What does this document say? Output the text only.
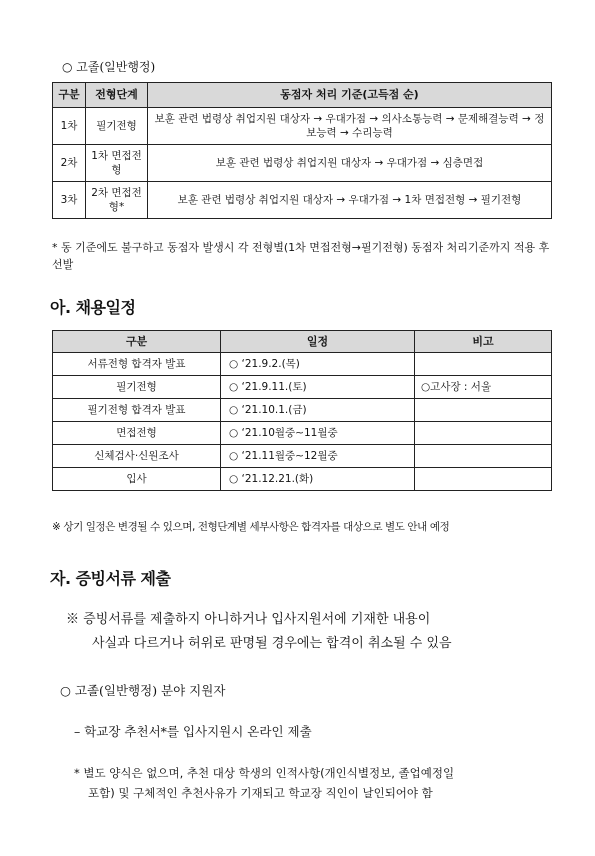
○ 고졸(일반행정)
구분	전형단계	동점자 처리 기준(고득점 순)
1차	필기전형	보훈 관련 법령상 취업지원 대상자 → 우대가점 → 의사소통능력 → 문제해결능력 → 정보능력 → 수리능력
2차	1차 면접전형	보훈 관련 법령상 취업지원 대상자 → 우대가점 → 심층면접
3차	2차 면접전형*	보훈 관련 법령상 취업지원 대상자 → 우대가점 → 1차 면접전형 → 필기전형
* 동 기준에도 불구하고 동점자 발생시 각 전형별(1차 면접전형→필기전형) 동점자 처리기준까지 적용 후 선발
아. 채용일정
구분	일정	비고
서류전형 합격자 발표	○ ‘21.9.2.(목)	
필기전형	○ ‘21.9.11.(토)	○고사장 : 서울
필기전형 합격자 발표	○ ‘21.10.1.(금)	
면접전형	○ ‘21.10월중∼11월중	
신체검사·신원조사	○ ‘21.11월중∼12월중	
입사	○ ‘21.12.21.(화)	
※ 상기 일정은 변경될 수 있으며, 전형단계별 세부사항은 합격자를 대상으로 별도 안내 예정
자. 증빙서류 제출
※ 증빙서류를 제출하지 아니하거나 입사지원서에 기재한 내용이
사실과 다르거나 허위로 판명될 경우에는 합격이 취소될 수 있음
○ 고졸(일반행정) 분야 지원자
– 학교장 추천서*를 입사지원시 온라인 제출
* 별도 양식은 없으며, 추천 대상 학생의 인적사항(개인식별정보, 졸업예정일
포함) 및 구체적인 추천사유가 기재되고 학교장 직인이 날인되어야 함
